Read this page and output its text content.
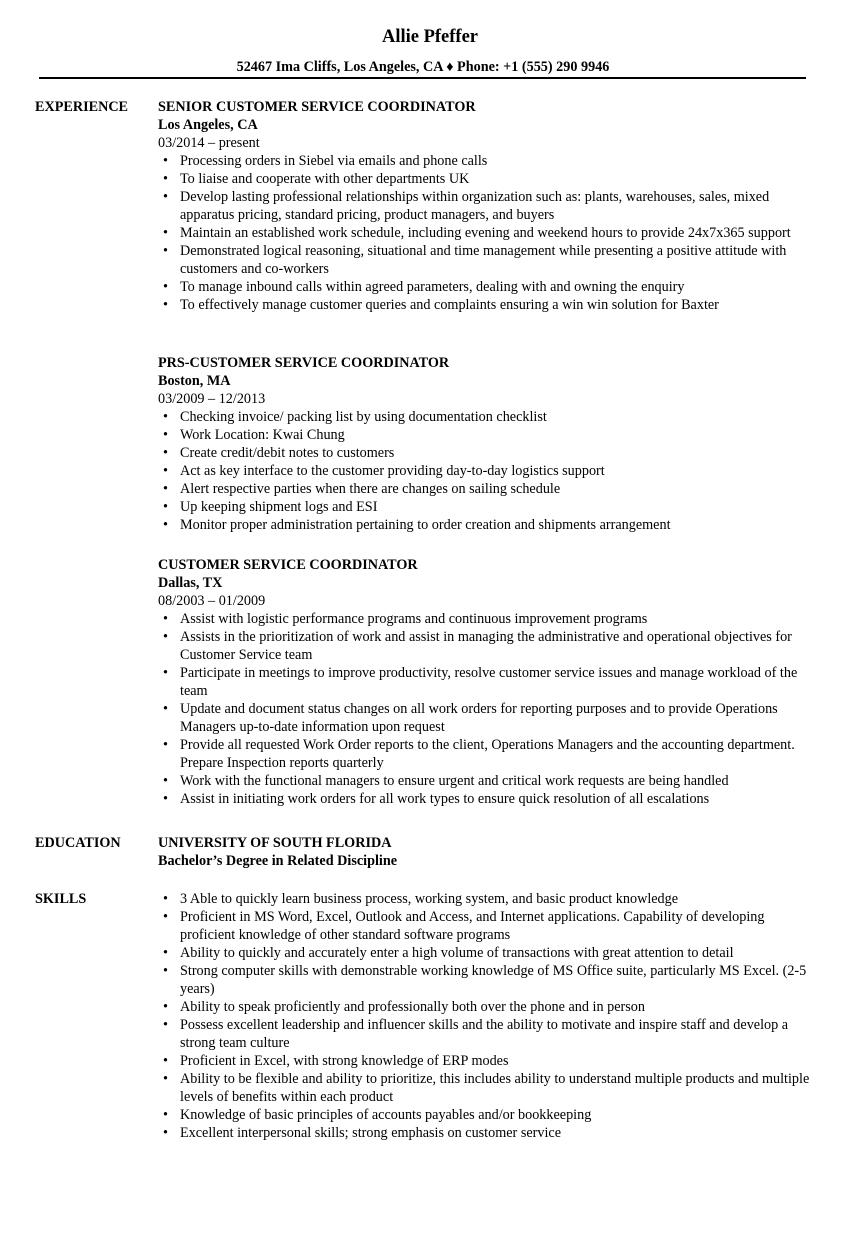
Allie Pfeffer
52467 Ima Cliffs, Los Angeles, CA ♦ Phone: +1 (555) 290 9946
EXPERIENCE SENIOR CUSTOMER SERVICE COORDINATOR
Los Angeles, CA
03/2014 – present
• Processing orders in Siebel via emails and phone calls
• To liaise and cooperate with other departments UK
• Develop lasting professional relationships within organization such as: plants, warehouses, sales, mixed apparatus pricing, standard pricing, product managers, and buyers
• Maintain an established work schedule, including evening and weekend hours to provide 24x7x365 support
• Demonstrated logical reasoning, situational and time management while presenting a positive attitude with customers and co-workers
• To manage inbound calls within agreed parameters, dealing with and owning the enquiry
• To effectively manage customer queries and complaints ensuring a win win solution for Baxter
PRS-CUSTOMER SERVICE COORDINATOR
Boston, MA
03/2009 – 12/2013
• Checking invoice/ packing list by using documentation checklist
• Work Location: Kwai Chung
• Create credit/debit notes to customers
• Act as key interface to the customer providing day-to-day logistics support
• Alert respective parties when there are changes on sailing schedule
• Up keeping shipment logs and ESI
• Monitor proper administration pertaining to order creation and shipments arrangement
CUSTOMER SERVICE COORDINATOR
Dallas, TX
08/2003 – 01/2009
• Assist with logistic performance programs and continuous improvement programs
• Assists in the prioritization of work and assist in managing the administrative and operational objectives for Customer Service team
• Participate in meetings to improve productivity, resolve customer service issues and manage workload of the team
• Update and document status changes on all work orders for reporting purposes and to provide Operations Managers up-to-date information upon request
• Provide all requested Work Order reports to the client, Operations Managers and the accounting department. Prepare Inspection reports quarterly
• Work with the functional managers to ensure urgent and critical work requests are being handled
• Assist in initiating work orders for all work types to ensure quick resolution of all escalations
EDUCATION	UNIVERSITY OF SOUTH FLORIDA
Bachelor’s Degree in Related Discipline
SKILLS	• 3 Able to quickly learn business process, working system, and basic product knowledge
• Proficient in MS Word, Excel, Outlook and Access, and Internet applications. Capability of developing proficient knowledge of other standard software programs
• Ability to quickly and accurately enter a high volume of transactions with great attention to detail
• Strong computer skills with demonstrable working knowledge of MS Office suite, particularly MS Excel. (2-5 years)
• Ability to speak proficiently and professionally both over the phone and in person
• Possess excellent leadership and influencer skills and the ability to motivate and inspire staff and develop a strong team culture
• Proficient in Excel, with strong knowledge of ERP modes
• Ability to be flexible and ability to prioritize, this includes ability to understand multiple products and multiple levels of benefits within each product
• Knowledge of basic principles of accounts payables and/or bookkeeping
• Excellent interpersonal skills; strong emphasis on customer service
